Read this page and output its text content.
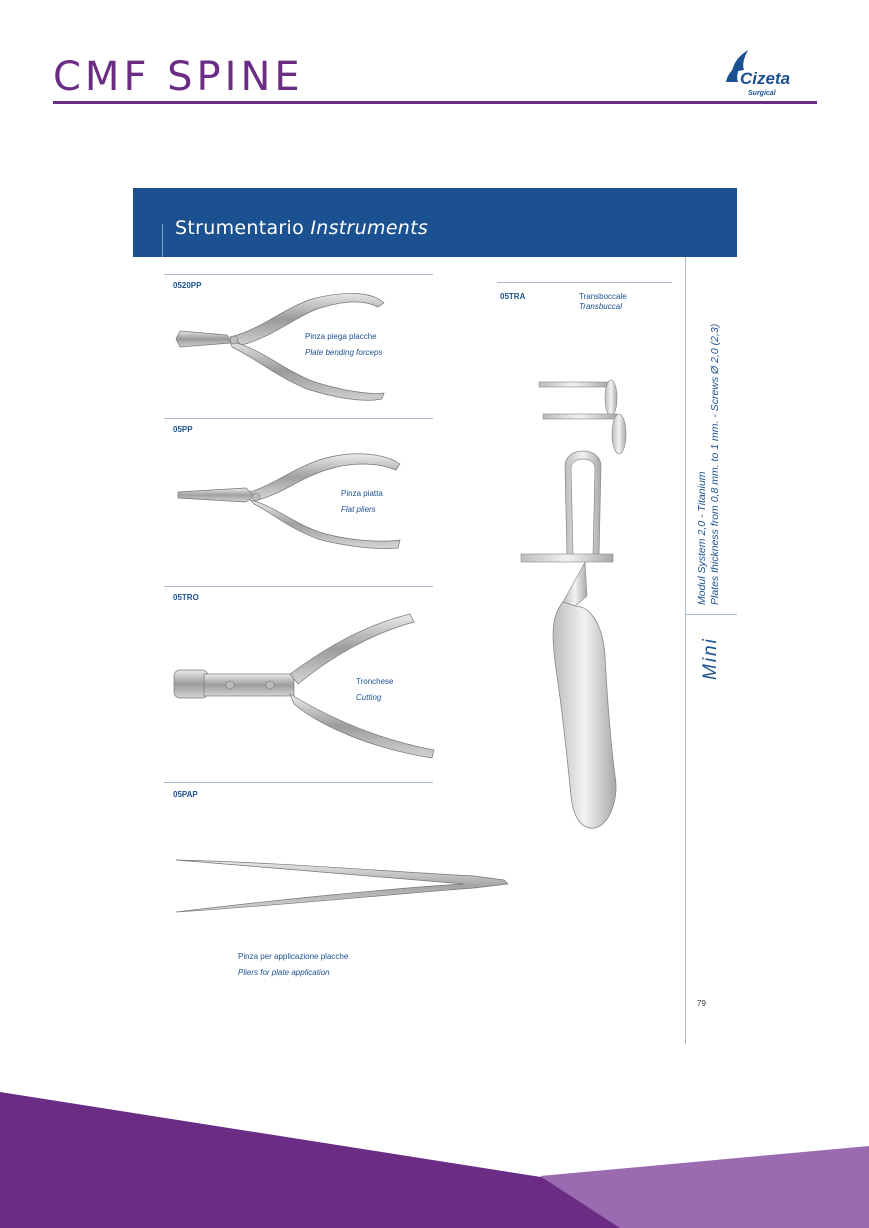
CMF SPINE	Cizeta
Surgical
Strumentario Instruments
0520PP
Pinza piega placche
Plate bending forceps
05PP
Pinza piatta
Flat pliers
05TRO
Tronchese
Cutting
05PAP
Pinza per applicazione placche
Pliers for plate application
05TRA	Transboccale
Transbuccal
Modul System 2,0 - Titanium Plates thickness from 0,8 mm. to 1 mm. - Screws Ø 2,0 (2,3)
Mini
79
